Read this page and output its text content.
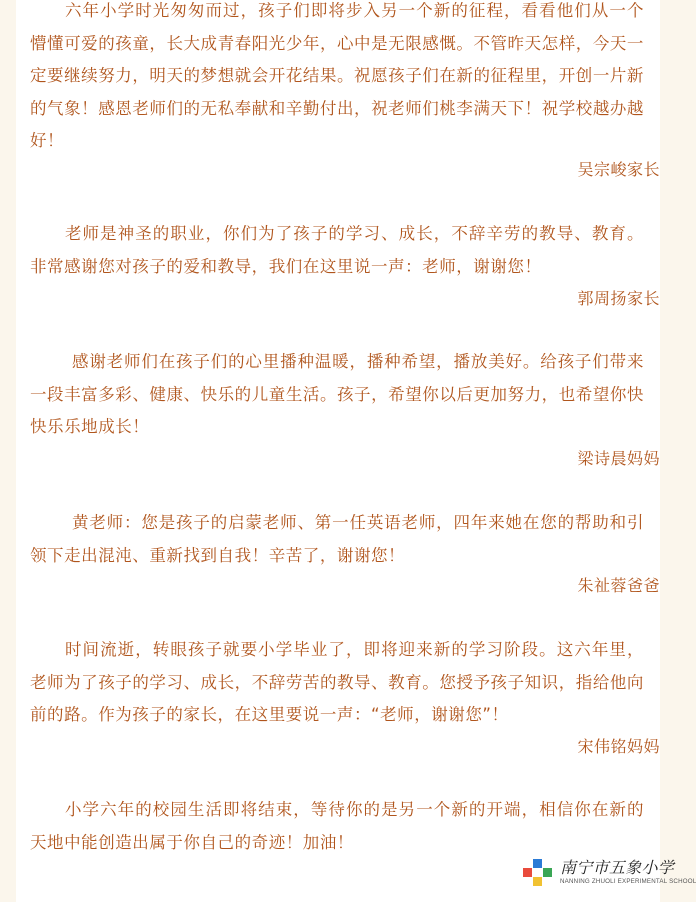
六年小学时光匆匆而过，孩子们即将步入另一个新的征程，看看他们从一个懵懂可爱的孩童，长大成青春阳光少年，心中是无限感慨。不管昨天怎样，今天一定要继续努力，明天的梦想就会开花结果。祝愿孩子们在新的征程里，开创一片新的气象！感恩老师们的无私奉献和辛勤付出，祝老师们桃李满天下！祝学校越办越好！

吴宗峻家长

老师是神圣的职业，你们为了孩子的学习、成长，不辞辛劳的教导、教育。非常感谢您对孩子的爱和教导，我们在这里说一声：老师，谢谢您！

郭周扬家长

感谢老师们在孩子们的心里播种温暖，播种希望，播放美好。给孩子们带来一段丰富多彩、健康、快乐的儿童生活。孩子，希望你以后更加努力，也希望你快快乐乐地成长！

梁诗晨妈妈

黄老师：您是孩子的启蒙老师、第一任英语老师，四年来她在您的帮助和引领下走出混沌、重新找到自我！辛苦了，谢谢您！

朱祉蓉爸爸

时间流逝，转眼孩子就要小学毕业了，即将迎来新的学习阶段。这六年里，老师为了孩子的学习、成长，不辞劳苦的教导、教育。您授予孩子知识，指给他向前的路。作为孩子的家长，在这里要说一声：“老师，谢谢您”！

宋伟铭妈妈

小学六年的校园生活即将结束，等待你的是另一个新的开端，相信你在新的天地中能创造出属于你自己的奇迹！加油！

南宁市五象小学
NANNING ZHUOLI EXPERIMENTAL SCHOOL
